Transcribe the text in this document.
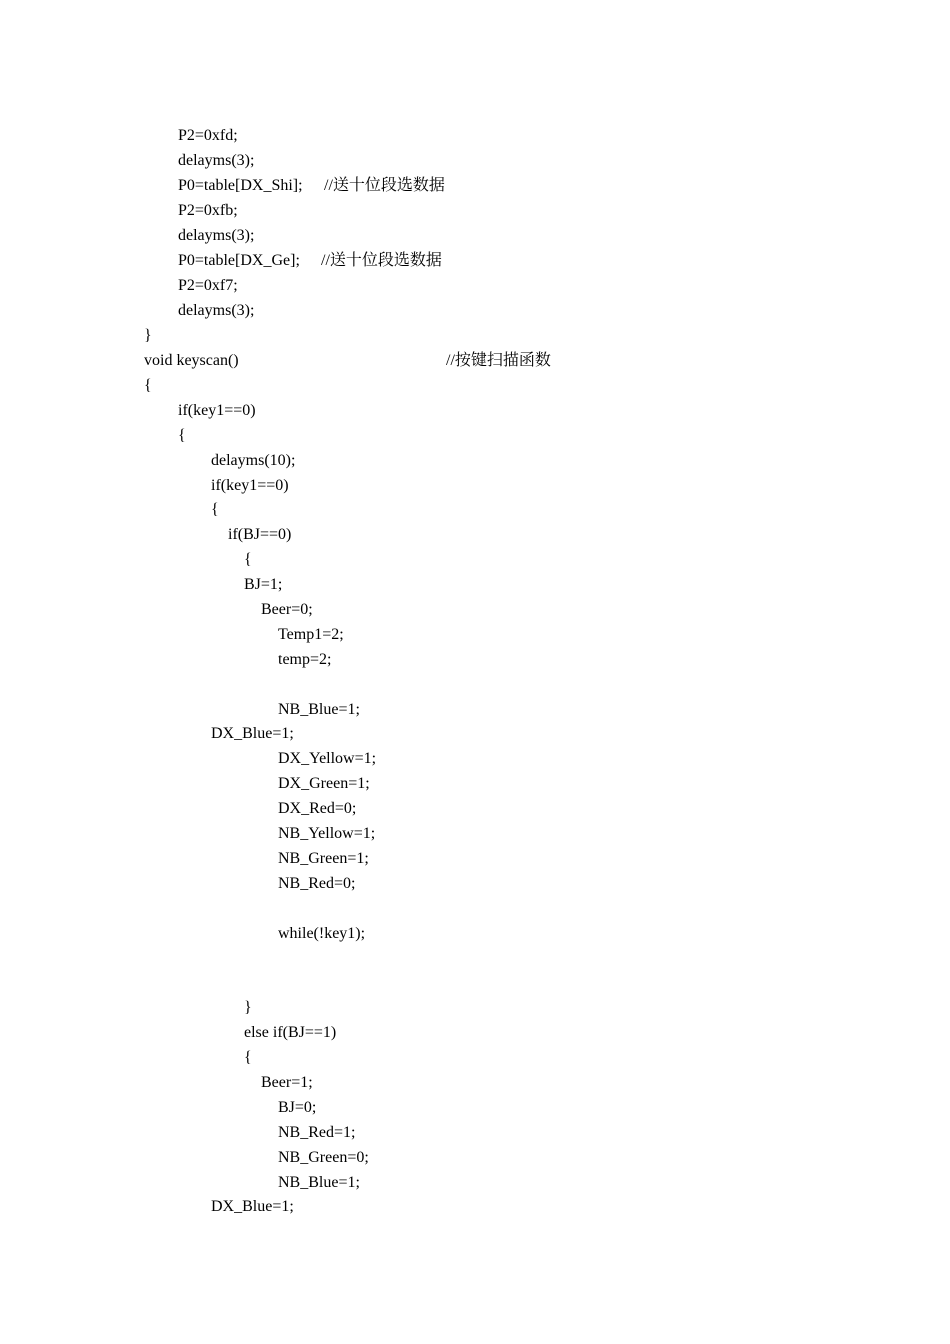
P2=0xfd;
delayms(3);
P0=table[DX_Shi]; //送十位段选数据
P2=0xfb;
delayms(3);
P0=table[DX_Ge]; //送十位段选数据
P2=0xf7;
delayms(3);
}
void keyscan()	//按键扫描函数
{
if(key1==0)
{
delayms(10);
if(key1==0)
{
if(BJ==0)
{
BJ=1;
Beer=0;
Temp1=2;
temp=2;
NB_Blue=1;
DX_Blue=1;
DX_Yellow=1;
DX_Green=1;
DX_Red=0;
NB_Yellow=1;
NB_Green=1;
NB_Red=0;
while(!key1);
}
else if(BJ==1)
{
Beer=1;
BJ=0;
NB_Red=1;
NB_Green=0;
NB_Blue=1;
DX_Blue=1;
